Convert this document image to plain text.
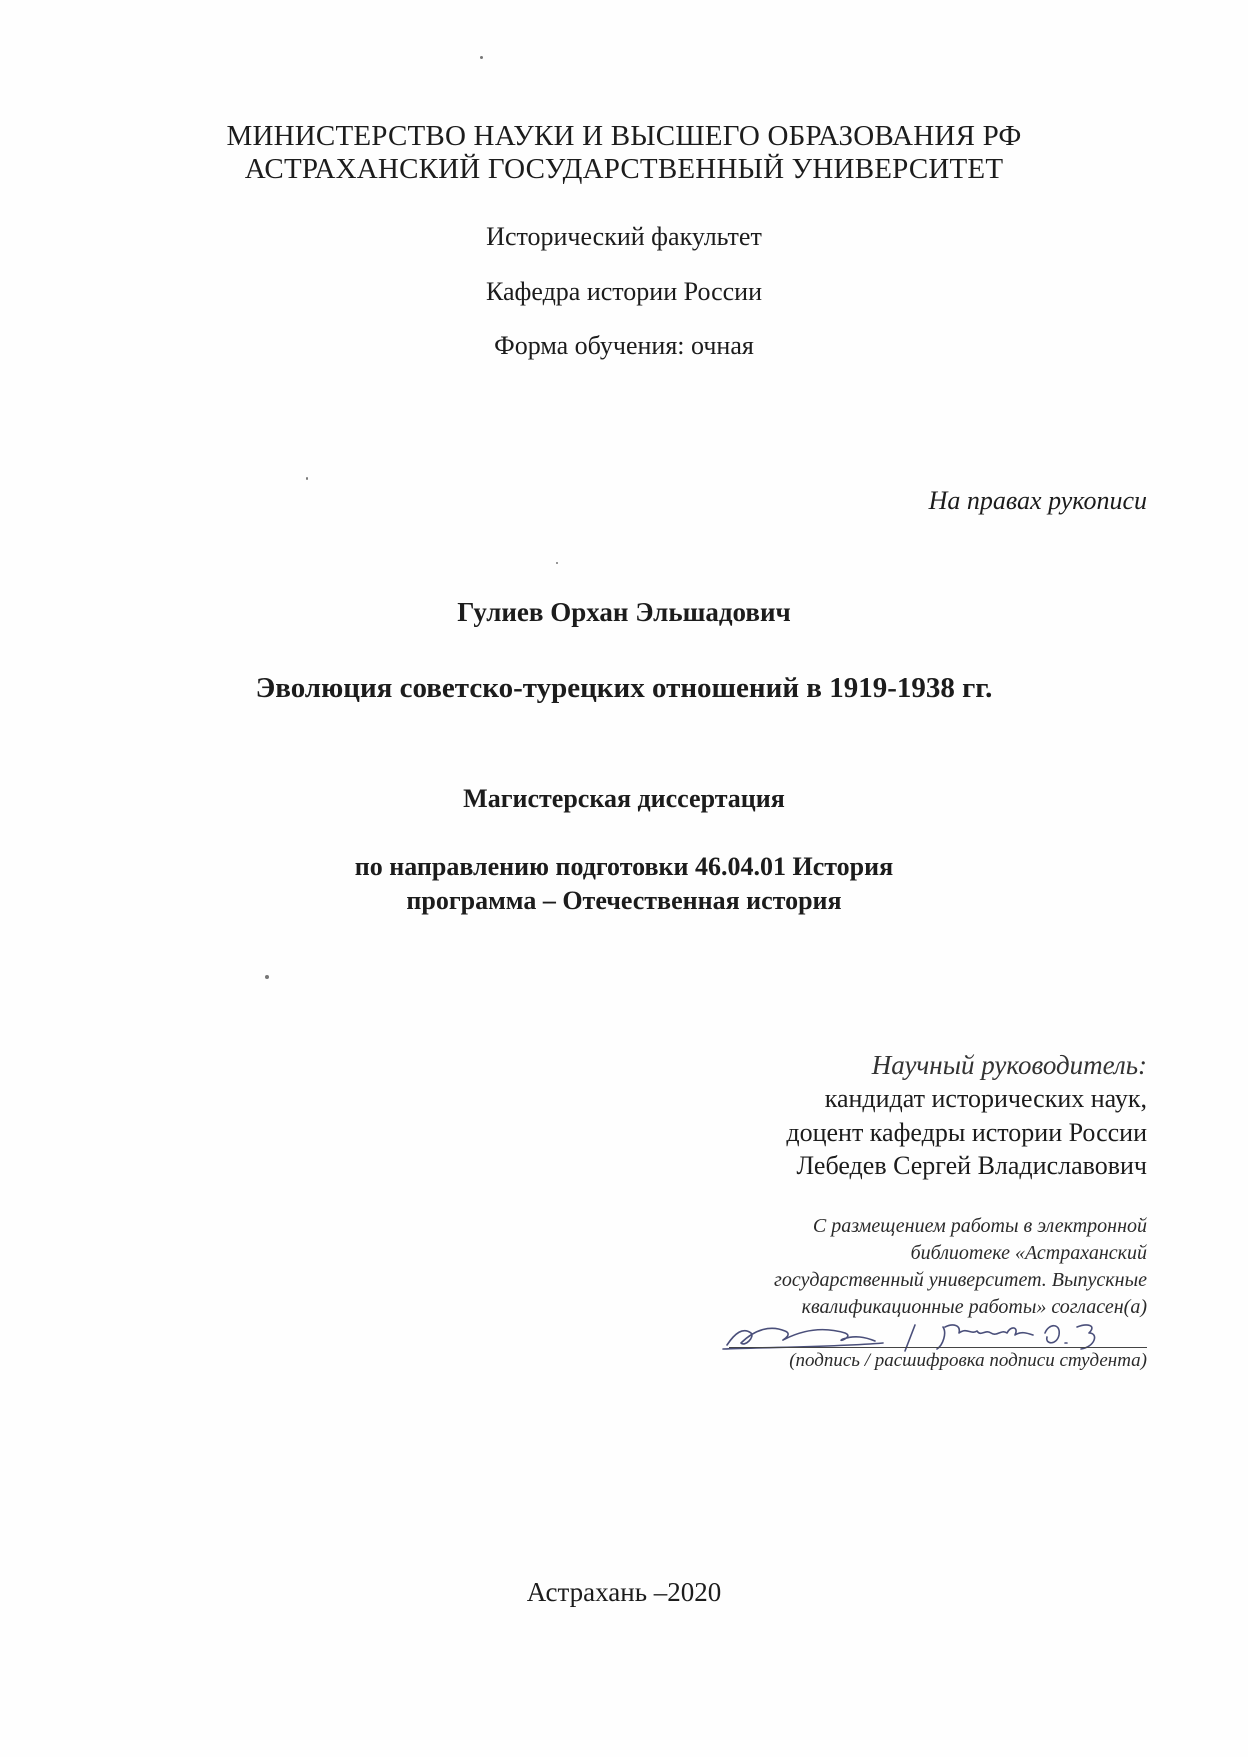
МИНИСТЕРСТВО НАУКИ И ВЫСШЕГО ОБРАЗОВАНИЯ РФ
АСТРАХАНСКИЙ ГОСУДАРСТВЕННЫЙ УНИВЕРСИТЕТ
Исторический факультет
Кафедра истории России
Форма обучения: очная
На правах рукописи
Гулиев Орхан Эльшадович
Эволюция советско-турецких отношений в 1919-1938 гг.
Магистерская диссертация
по направлению подготовки 46.04.01 История
программа – Отечественная история
Научный руководитель:
кандидат исторических наук,
доцент кафедры истории России
Лебедев Сергей Владиславович
С размещением работы в электронной
библиотеке «Астраханский
государственный университет. Выпускные
квалификационные работы» согласен(а)
(подпись / расшифровка подписи студента)
Астрахань –2020
